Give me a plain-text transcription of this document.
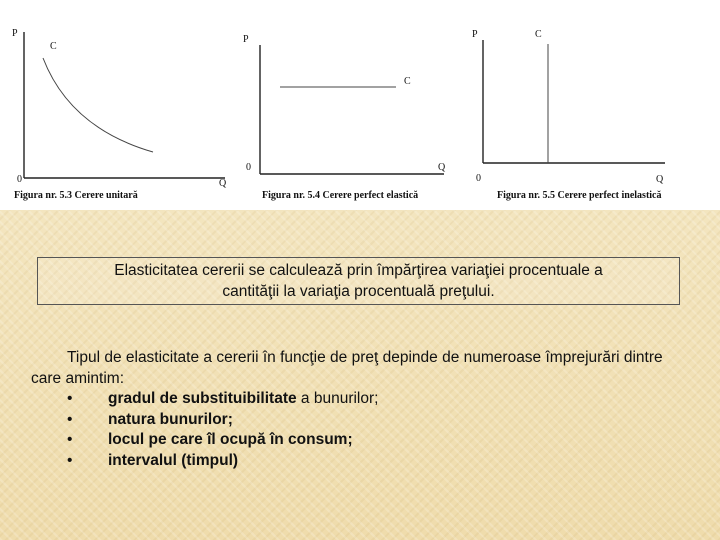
P
C
0	Q
Figura nr. 5.3 Cerere unitară
P
C
0	Q
Figura nr. 5.4 Cerere perfect elastică
P	C
0	Q
Figura nr. 5.5 Cerere perfect inelastică
Elasticitatea cererii se calculează prin împărţirea variaţiei procentuale a
cantităţii la variaţia procentuală preţului.

Tipul de elasticitate a cererii în funcţie de preţ depinde de numeroase împrejurări dintre care amintim:

• gradul de substituibilitate a bunurilor;
• natura bunurilor;
• locul pe care îl ocupă în consum;
• intervalul (timpul)
